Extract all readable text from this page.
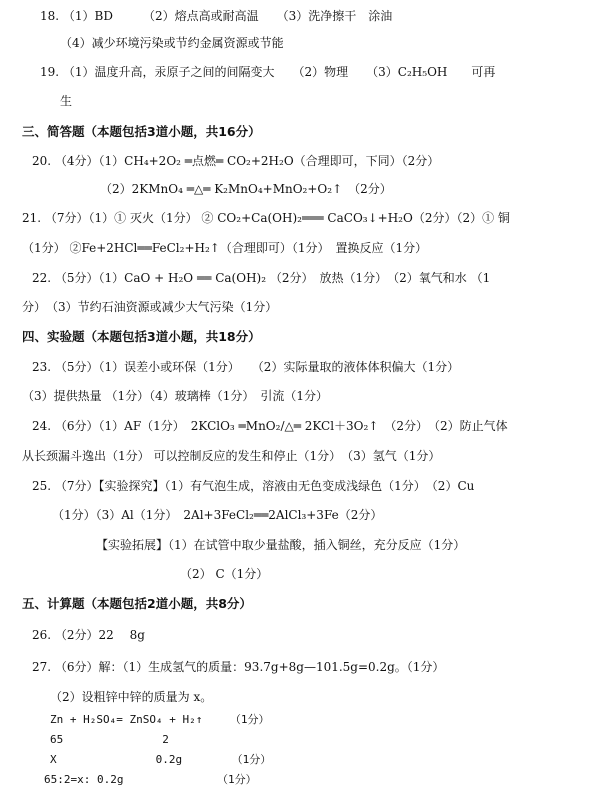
18. （1）BD　　　（2）熔点高或耐高温　　（3）洗净擦干　涂油
（4）减少环境污染或节约金属资源或节能
19. （1）温度升高，汞原子之间的间隔变大　　（2）物理　　（3）C₂H₅OH　　可再
生
三、简答题（本题包括3道小题，共16分）
20. （4分）（1）CH₄+2O₂ ═点燃═ CO₂+2H₂O（合理即可，下同）（2分）
（2）2KMnO₄ ═△═ K₂MnO₄+MnO₂+O₂↑　（2分）
21. （7分）（1）① 灭火（1分） ② CO₂+Ca(OH)₂═══ CaCO₃↓+H₂O（2分）（2）① 铜
（1分） ②Fe+2HCl══FeCl₂+H₂↑（合理即可）（1分）　置换反应（1分）
22. （5分）（1）CaO + H₂O ══ Ca(OH)₂ （2分）　放热（1分）　（2）氧气和水 （1
分）　（3）节约石油资源或减少大气污染（1分）
四、实验题（本题包括3道小题，共18分）
23. （5分）（1）误差小或环保（1分）　　（2）实际量取的液体体积偏大（1分）
（3）提供热量 （1分）（4）玻璃棒（1分）　引流（1分）
24. （6分）（1）AF（1分）　2KClO₃ ═MnO₂/△═ 2KCl＋3O₂↑　（2分）　（2）防止气体
从长颈漏斗逸出（1分） 可以控制反应的发生和停止（1分）　（3）氢气（1分）
25. （7分）【实验探究】（1）有气泡生成，溶液由无色变成浅绿色（1分）　（2）Cu
（1分）（3）Al（1分）　2Al+3FeCl₂══2AlCl₃+3Fe（2分）
【实验拓展】（1）在试管中取少量盐酸，插入铜丝，充分反应（1分）
（2） C（1分）
五、计算题（本题包括2道小题，共8分）
26. （2分）22　 8g
27. （6分）解：（1）生成氢气的质量：93.7g+8g—101.5g=0.2g。（1分）
（2）设粗锌中锌的质量为 x。
Zn + H₂SO₄= ZnSO₄ + H₂↑　　　（1分）
65　　　　　　　　　2
X　　　　　　　　　0.2g　　　　　（1分）
65:2=x: 0.2g　　　　　　　　　（1分）
